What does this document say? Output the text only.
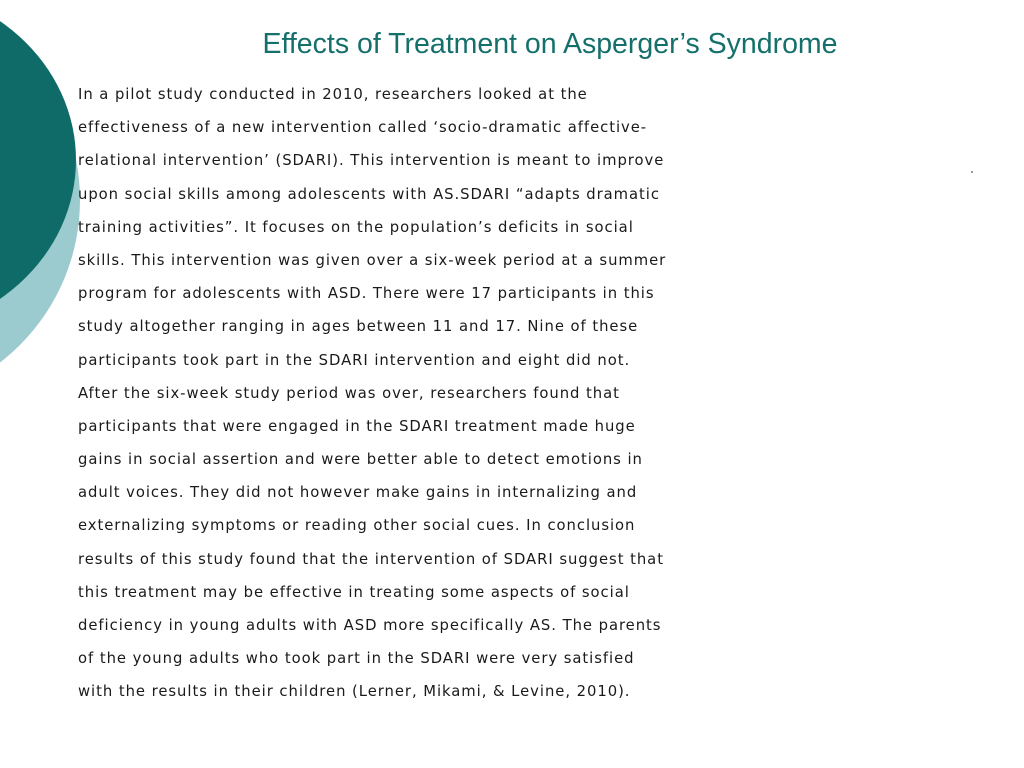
Effects of Treatment on Asperger’s Syndrome
In a pilot study conducted in 2010, researchers looked at the
effectiveness of a new intervention called ‘socio-dramatic affective-
relational intervention’ (SDARI). This intervention is meant to improve
upon social skills among adolescents with AS.SDARI “adapts dramatic
training activities”. It focuses on the population’s deficits in social
skills. This intervention was given over a six-week period at a summer
program for adolescents with ASD. There were 17 participants in this
study altogether ranging in ages between 11 and 17. Nine of these
participants took part in the SDARI intervention and eight did not.
After the six-week study period was over, researchers found that
participants that were engaged in the SDARI treatment made huge
gains in social assertion and were better able to detect emotions in
adult voices. They did not however make gains in internalizing and
externalizing symptoms or reading other social cues. In conclusion
results of this study found that the intervention of SDARI suggest that
this treatment may be effective in treating some aspects of social
deficiency in young adults with ASD more specifically AS. The parents
of the young adults who took part in the SDARI were very satisfied
with the results in their children (Lerner, Mikami, & Levine, 2010).
